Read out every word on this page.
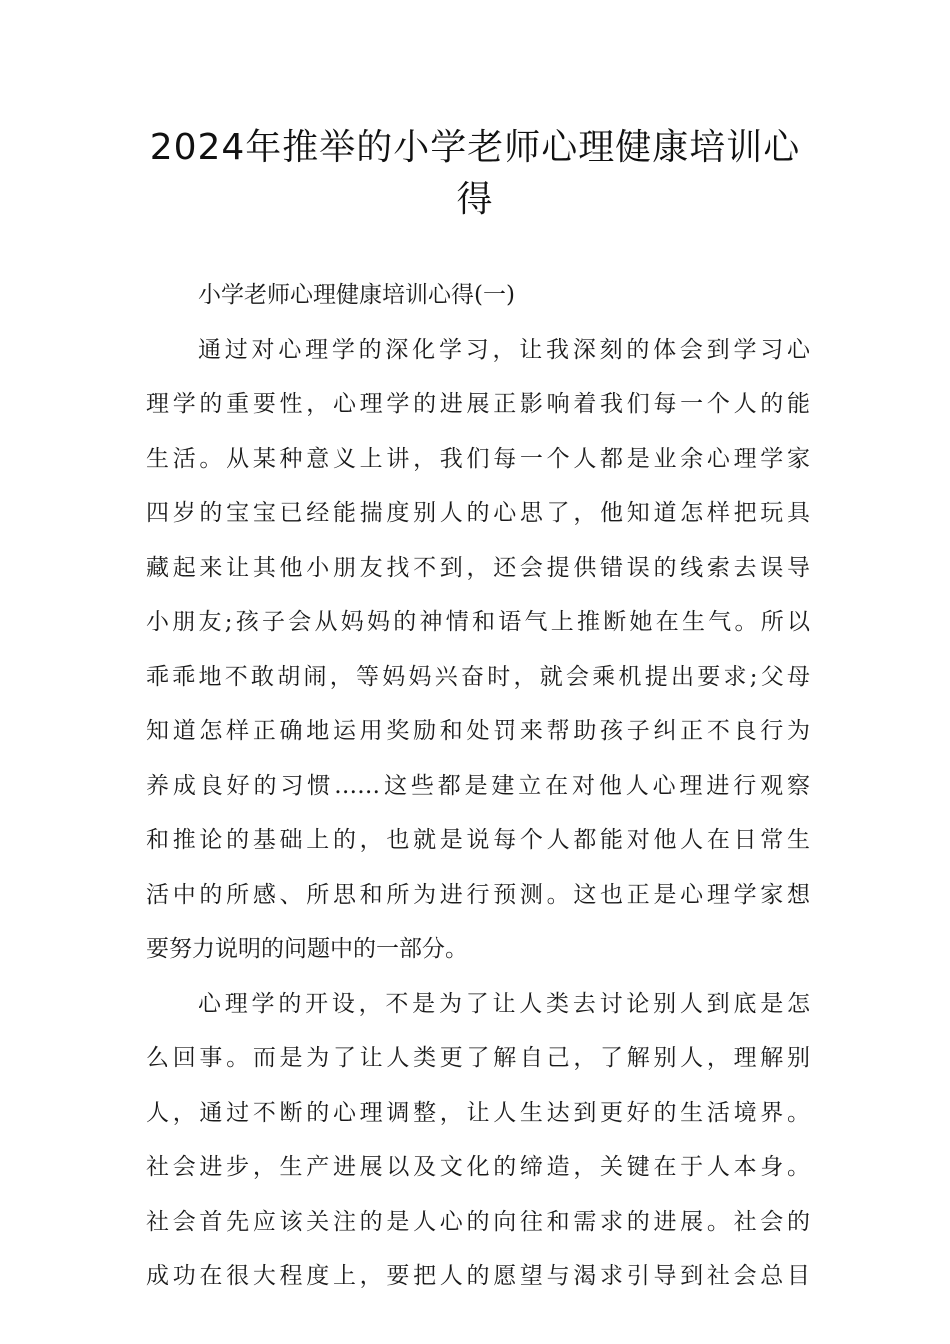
2024年推举的小学老师心理健康培训心
得
小学老师心理健康培训心得(一)
通过对心理学的深化学习，让我深刻的体会到学习心
理学的重要性，心理学的进展正影响着我们每一个人的能
生活。从某种意义上讲，我们每一个人都是业余心理学家
四岁的宝宝已经能揣度别人的心思了，他知道怎样把玩具
藏起来让其他小朋友找不到，还会提供错误的线索去误导
小朋友;孩子会从妈妈的神情和语气上推断她在生气。所以
乖乖地不敢胡闹，等妈妈兴奋时，就会乘机提出要求;父母
知道怎样正确地运用奖励和处罚来帮助孩子纠正不良行为
养成良好的习惯……这些都是建立在对他人心理进行观察
和推论的基础上的，也就是说每个人都能对他人在日常生
活中的所感、所思和所为进行预测。这也正是心理学家想
要努力说明的问题中的一部分。
心理学的开设，不是为了让人类去讨论别人到底是怎
么回事。而是为了让人类更了解自己，了解别人，理解别
人，通过不断的心理调整，让人生达到更好的生活境界。
社会进步，生产进展以及文化的缔造，关键在于人本身。
社会首先应该关注的是人心的向往和需求的进展。社会的
成功在很大程度上，要把人的愿望与渴求引导到社会总目
